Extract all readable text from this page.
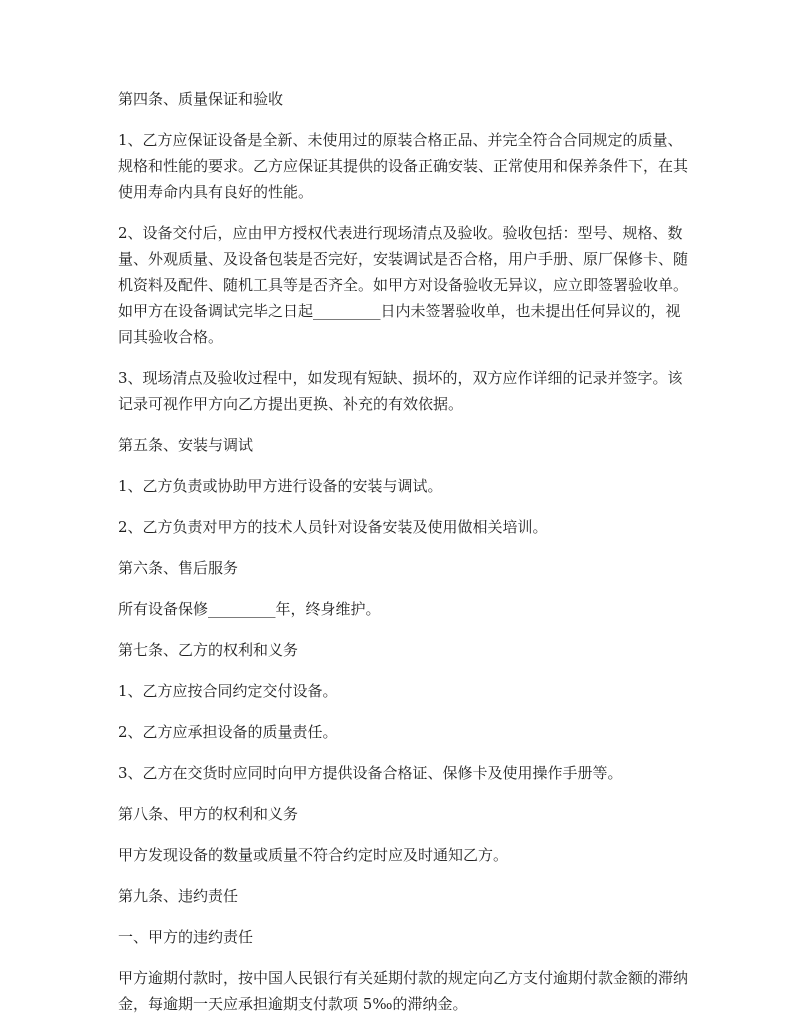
第四条、质量保证和验收

1、乙方应保证设备是全新、未使用过的原装合格正品、并完全符合合同规定的质量、规格和性能的要求。乙方应保证其提供的设备正确安装、正常使用和保养条件下，在其使用寿命内具有良好的性能。

2、设备交付后，应由甲方授权代表进行现场清点及验收。验收包括：型号、规格、数量、外观质量、及设备包装是否完好，安装调试是否合格，用户手册、原厂保修卡、随机资料及配件、随机工具等是否齐全。如甲方对设备验收无异议，应立即签署验收单。如甲方在设备调试完毕之日起_________日内未签署验收单，也未提出任何异议的，视同其验收合格。

3、现场清点及验收过程中，如发现有短缺、损坏的，双方应作详细的记录并签字。该记录可视作甲方向乙方提出更换、补充的有效依据。

第五条、安装与调试

1、乙方负责或协助甲方进行设备的安装与调试。

2、乙方负责对甲方的技术人员针对设备安装及使用做相关培训。

第六条、售后服务

所有设备保修_________年，终身维护。

第七条、乙方的权利和义务

1、乙方应按合同约定交付设备。

2、乙方应承担设备的质量责任。

3、乙方在交货时应同时向甲方提供设备合格证、保修卡及使用操作手册等。

第八条、甲方的权利和义务

甲方发现设备的数量或质量不符合约定时应及时通知乙方。

第九条、违约责任

一、甲方的违约责任

甲方逾期付款时，按中国人民银行有关延期付款的规定向乙方支付逾期付款金额的滞纳金，每逾期一天应承担逾期支付款项 5‰的滞纳金。
